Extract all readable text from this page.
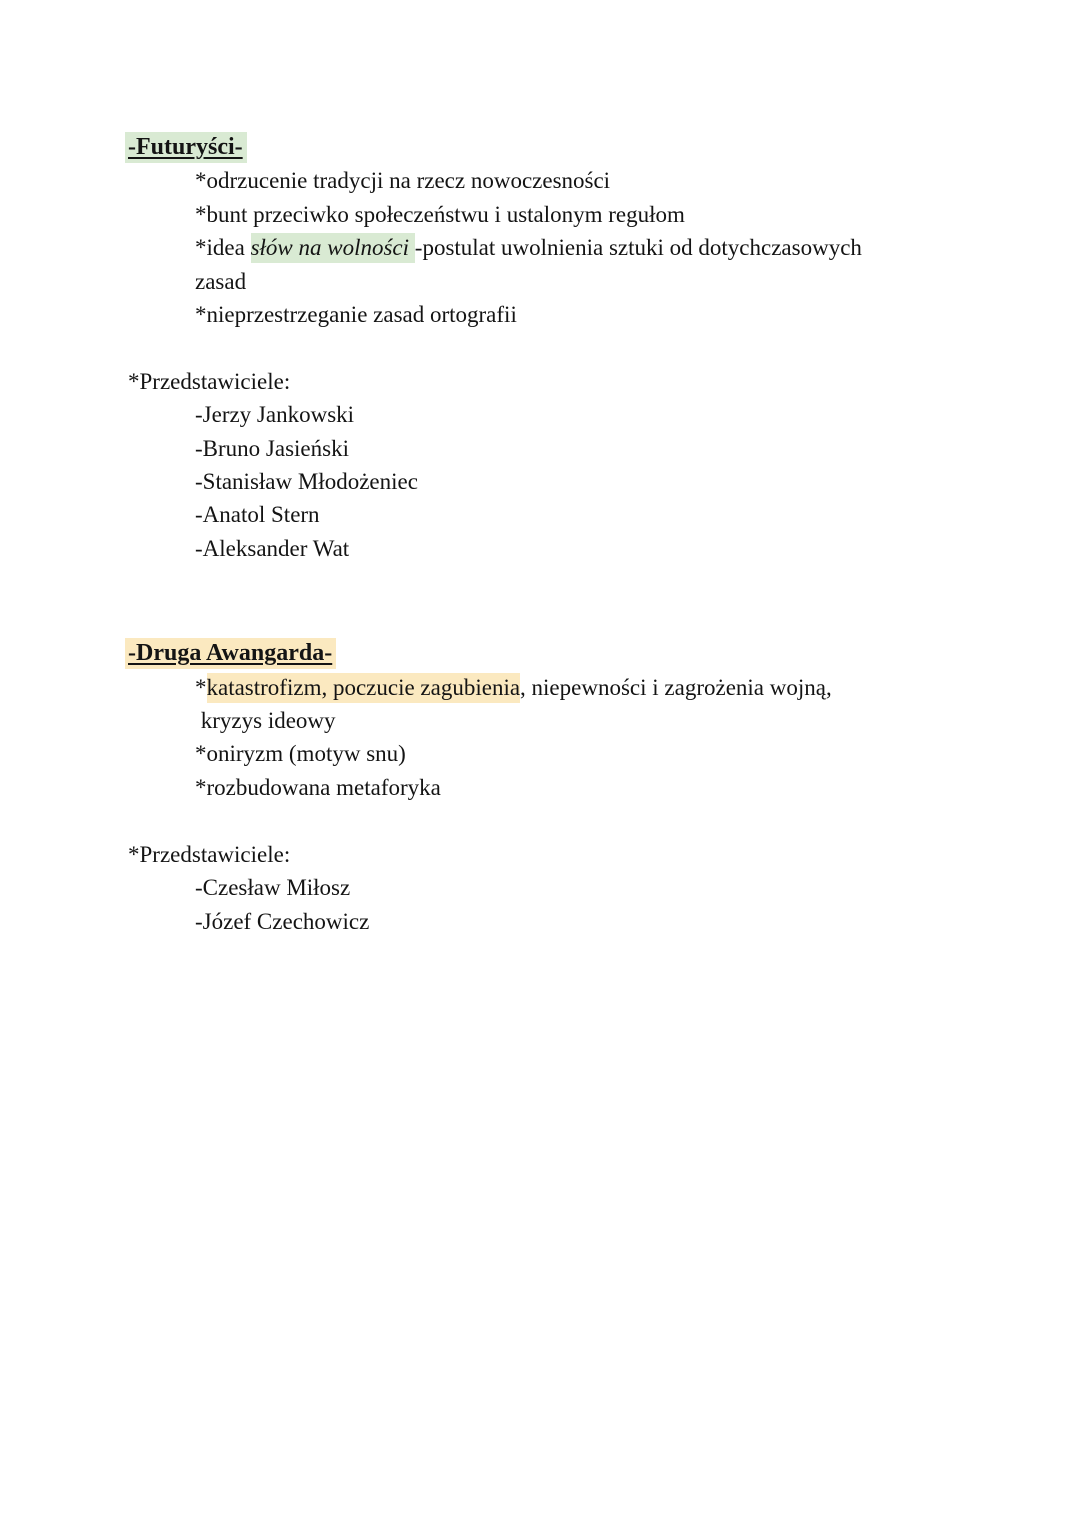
-Futuryści-

*odrzucenie tradycji na rzecz nowoczesności

*bunt przeciwko społeczeństwu i ustalonym regułom

*idea słów na wolności -postulat uwolnienia sztuki od dotychczasowych

zasad

*nieprzestrzeganie zasad ortografii

*Przedstawiciele:

-Jerzy Jankowski

-Bruno Jasieński

-Stanisław Młodożeniec

-Anatol Stern

-Aleksander Wat

-Druga Awangarda-

*katastrofizm, poczucie zagubienia, niepewności i zagrożenia wojną,

kryzys ideowy

*oniryzm (motyw snu)

*rozbudowana metaforyka

*Przedstawiciele:

-Czesław Miłosz

-Józef Czechowicz
